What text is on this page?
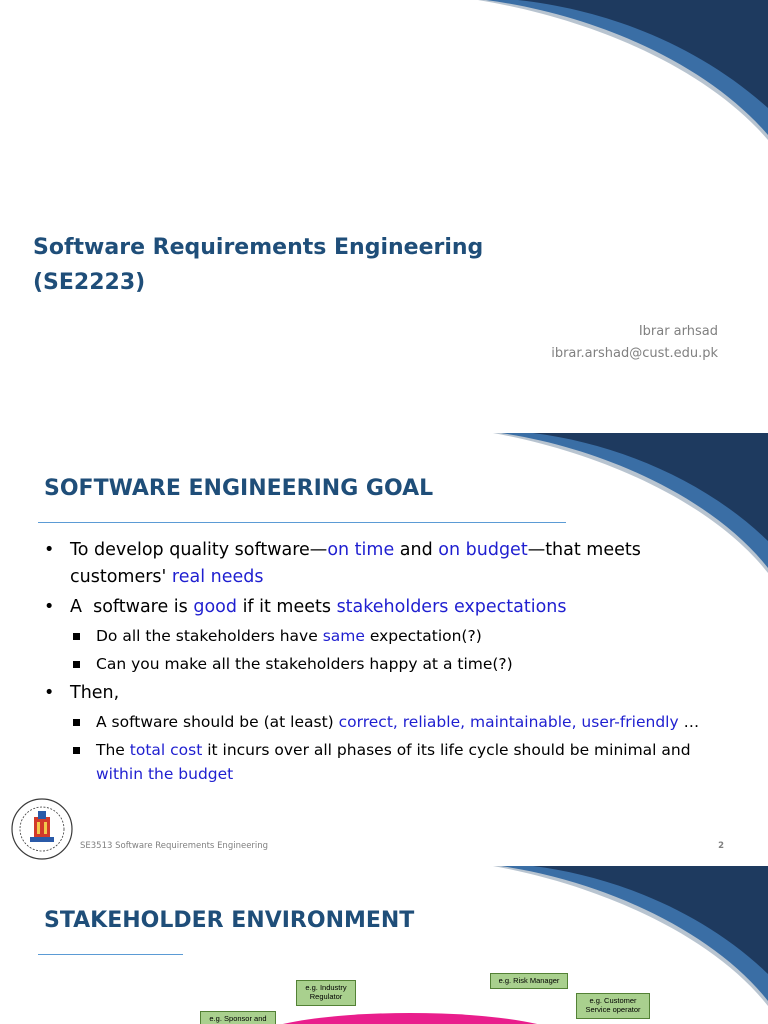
Software Requirements Engineering
(SE2223)
Ibrar arhsad
ibrar.arshad@cust.edu.pk
SOFTWARE ENGINEERING GOAL
• To develop quality software—on time and on budget—that meets customers' real needs
• A  software is good if it meets stakeholders expectations
Do all the stakeholders have same expectation(?)
Can you make all the stakeholders happy at a time(?)
• Then,
A software should be (at least) correct, reliable, maintainable, user-friendly …
The total cost it incurs over all phases of its life cycle should be minimal and within the budget
SE3513 Software Requirements Engineering	2
STAKEHOLDER ENVIRONMENT
e.g. Industry Regulator
e.g. Risk Manager
e.g. Customer Service operator
e.g. Sponsor and
